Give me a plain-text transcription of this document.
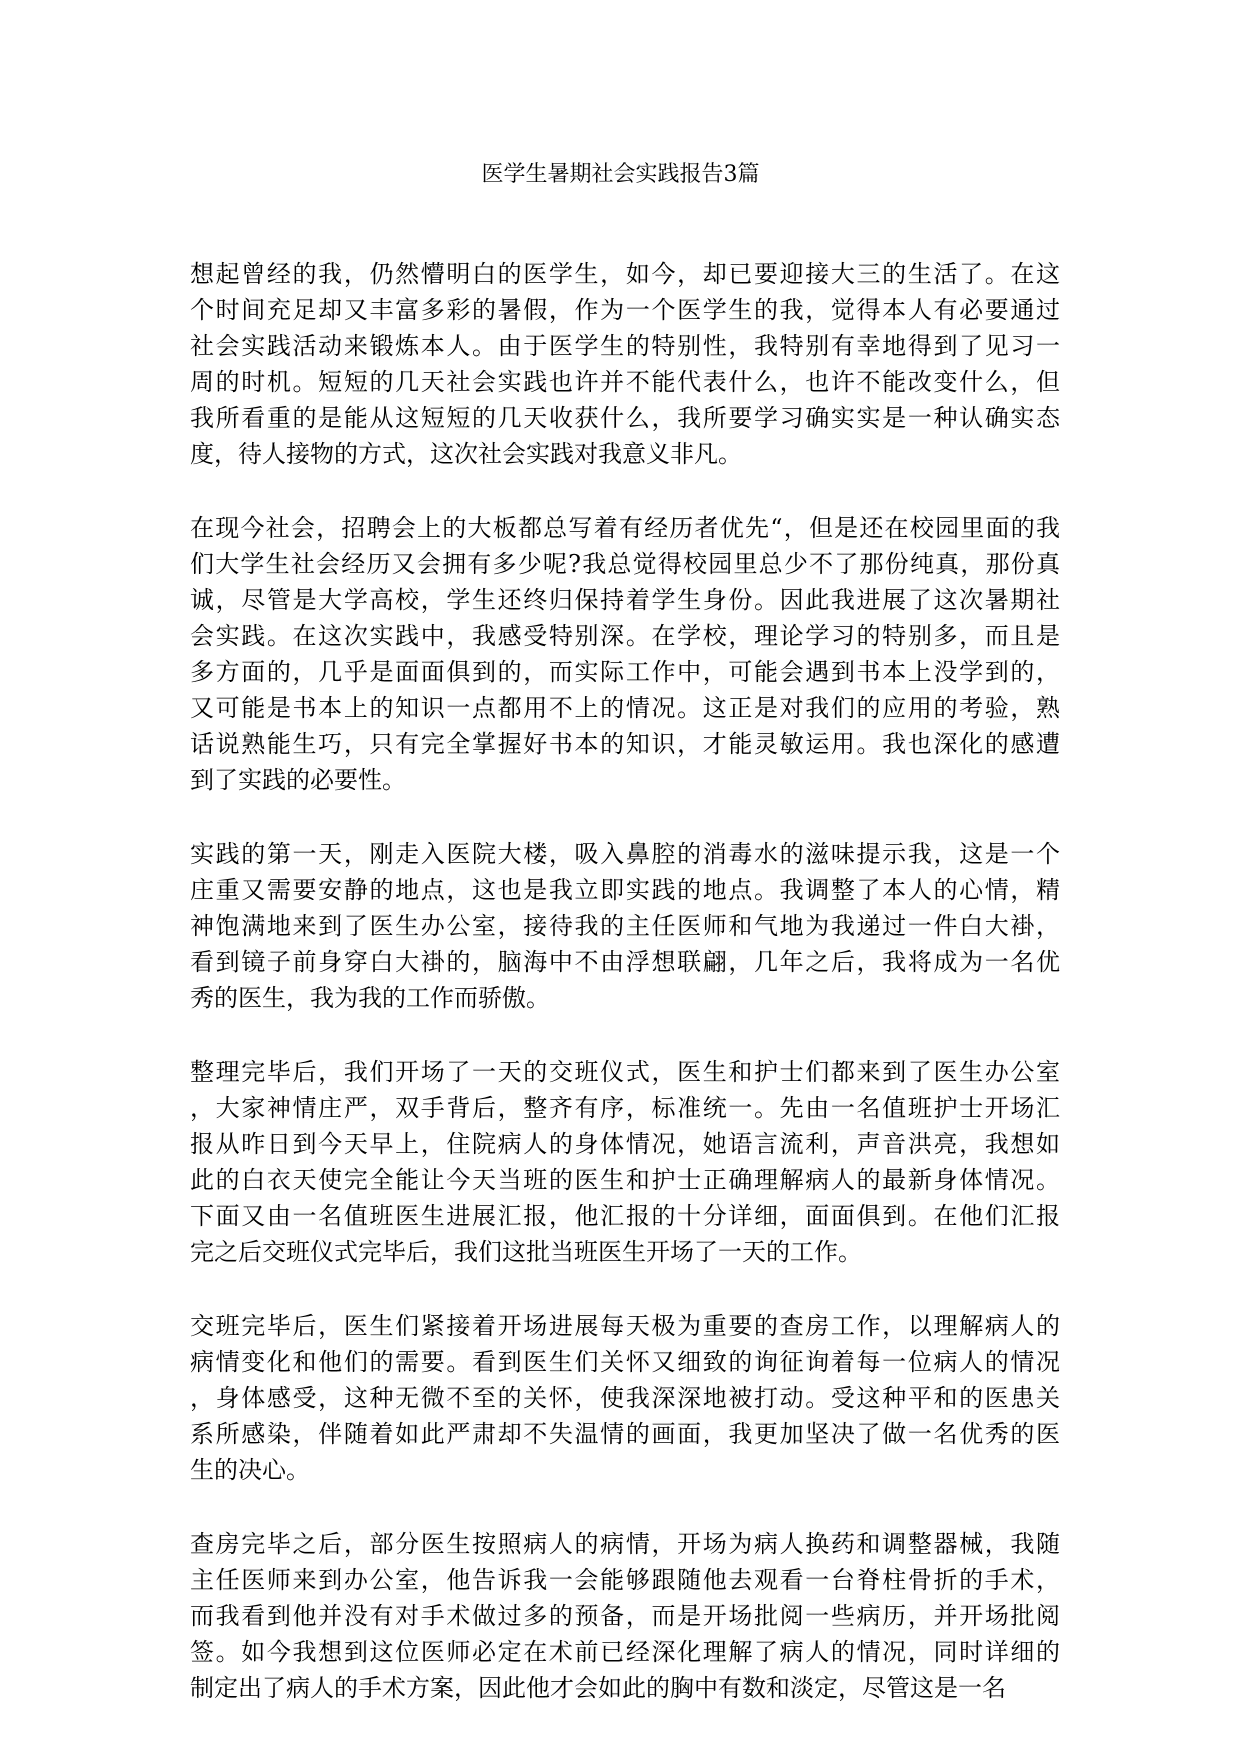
医学生暑期社会实践报告3篇
想起曾经的我，仍然懵明白的医学生，如今，却已要迎接大三的生活了。在这
个时间充足却又丰富多彩的暑假，作为一个医学生的我，觉得本人有必要通过
社会实践活动来锻炼本人。由于医学生的特别性，我特别有幸地得到了见习一
周的时机。短短的几天社会实践也许并不能代表什么，也许不能改变什么，但
我所看重的是能从这短短的几天收获什么，我所要学习确实实是一种认确实态
度，待人接物的方式，这次社会实践对我意义非凡。
在现今社会，招聘会上的大板都总写着有经历者优先“，但是还在校园里面的我
们大学生社会经历又会拥有多少呢?我总觉得校园里总少不了那份纯真，那份真
诚，尽管是大学高校，学生还终归保持着学生身份。因此我进展了这次暑期社
会实践。在这次实践中，我感受特别深。在学校，理论学习的特别多，而且是
多方面的，几乎是面面俱到的，而实际工作中，可能会遇到书本上没学到的，
又可能是书本上的知识一点都用不上的情况。这正是对我们的应用的考验，熟
话说熟能生巧，只有完全掌握好书本的知识，才能灵敏运用。我也深化的感遭
到了实践的必要性。
实践的第一天，刚走入医院大楼，吸入鼻腔的消毒水的滋味提示我，这是一个
庄重又需要安静的地点，这也是我立即实践的地点。我调整了本人的心情，精
神饱满地来到了医生办公室，接待我的主任医师和气地为我递过一件白大褂，
看到镜子前身穿白大褂的，脑海中不由浮想联翩，几年之后，我将成为一名优
秀的医生，我为我的工作而骄傲。
整理完毕后，我们开场了一天的交班仪式，医生和护士们都来到了医生办公室
，大家神情庄严，双手背后，整齐有序，标准统一。先由一名值班护士开场汇
报从昨日到今天早上，住院病人的身体情况，她语言流利，声音洪亮，我想如
此的白衣天使完全能让今天当班的医生和护士正确理解病人的最新身体情况。
下面又由一名值班医生进展汇报，他汇报的十分详细，面面俱到。在他们汇报
完之后交班仪式完毕后，我们这批当班医生开场了一天的工作。
交班完毕后，医生们紧接着开场进展每天极为重要的查房工作，以理解病人的
病情变化和他们的需要。看到医生们关怀又细致的询征询着每一位病人的情况
，身体感受，这种无微不至的关怀，使我深深地被打动。受这种平和的医患关
系所感染，伴随着如此严肃却不失温情的画面，我更加坚决了做一名优秀的医
生的决心。
查房完毕之后，部分医生按照病人的病情，开场为病人换药和调整器械，我随
主任医师来到办公室，他告诉我一会能够跟随他去观看一台脊柱骨折的手术，
而我看到他并没有对手术做过多的预备，而是开场批阅一些病历，并开场批阅
签。如今我想到这位医师必定在术前已经深化理解了病人的情况，同时详细的
制定出了病人的手术方案，因此他才会如此的胸中有数和淡定，尽管这是一名
